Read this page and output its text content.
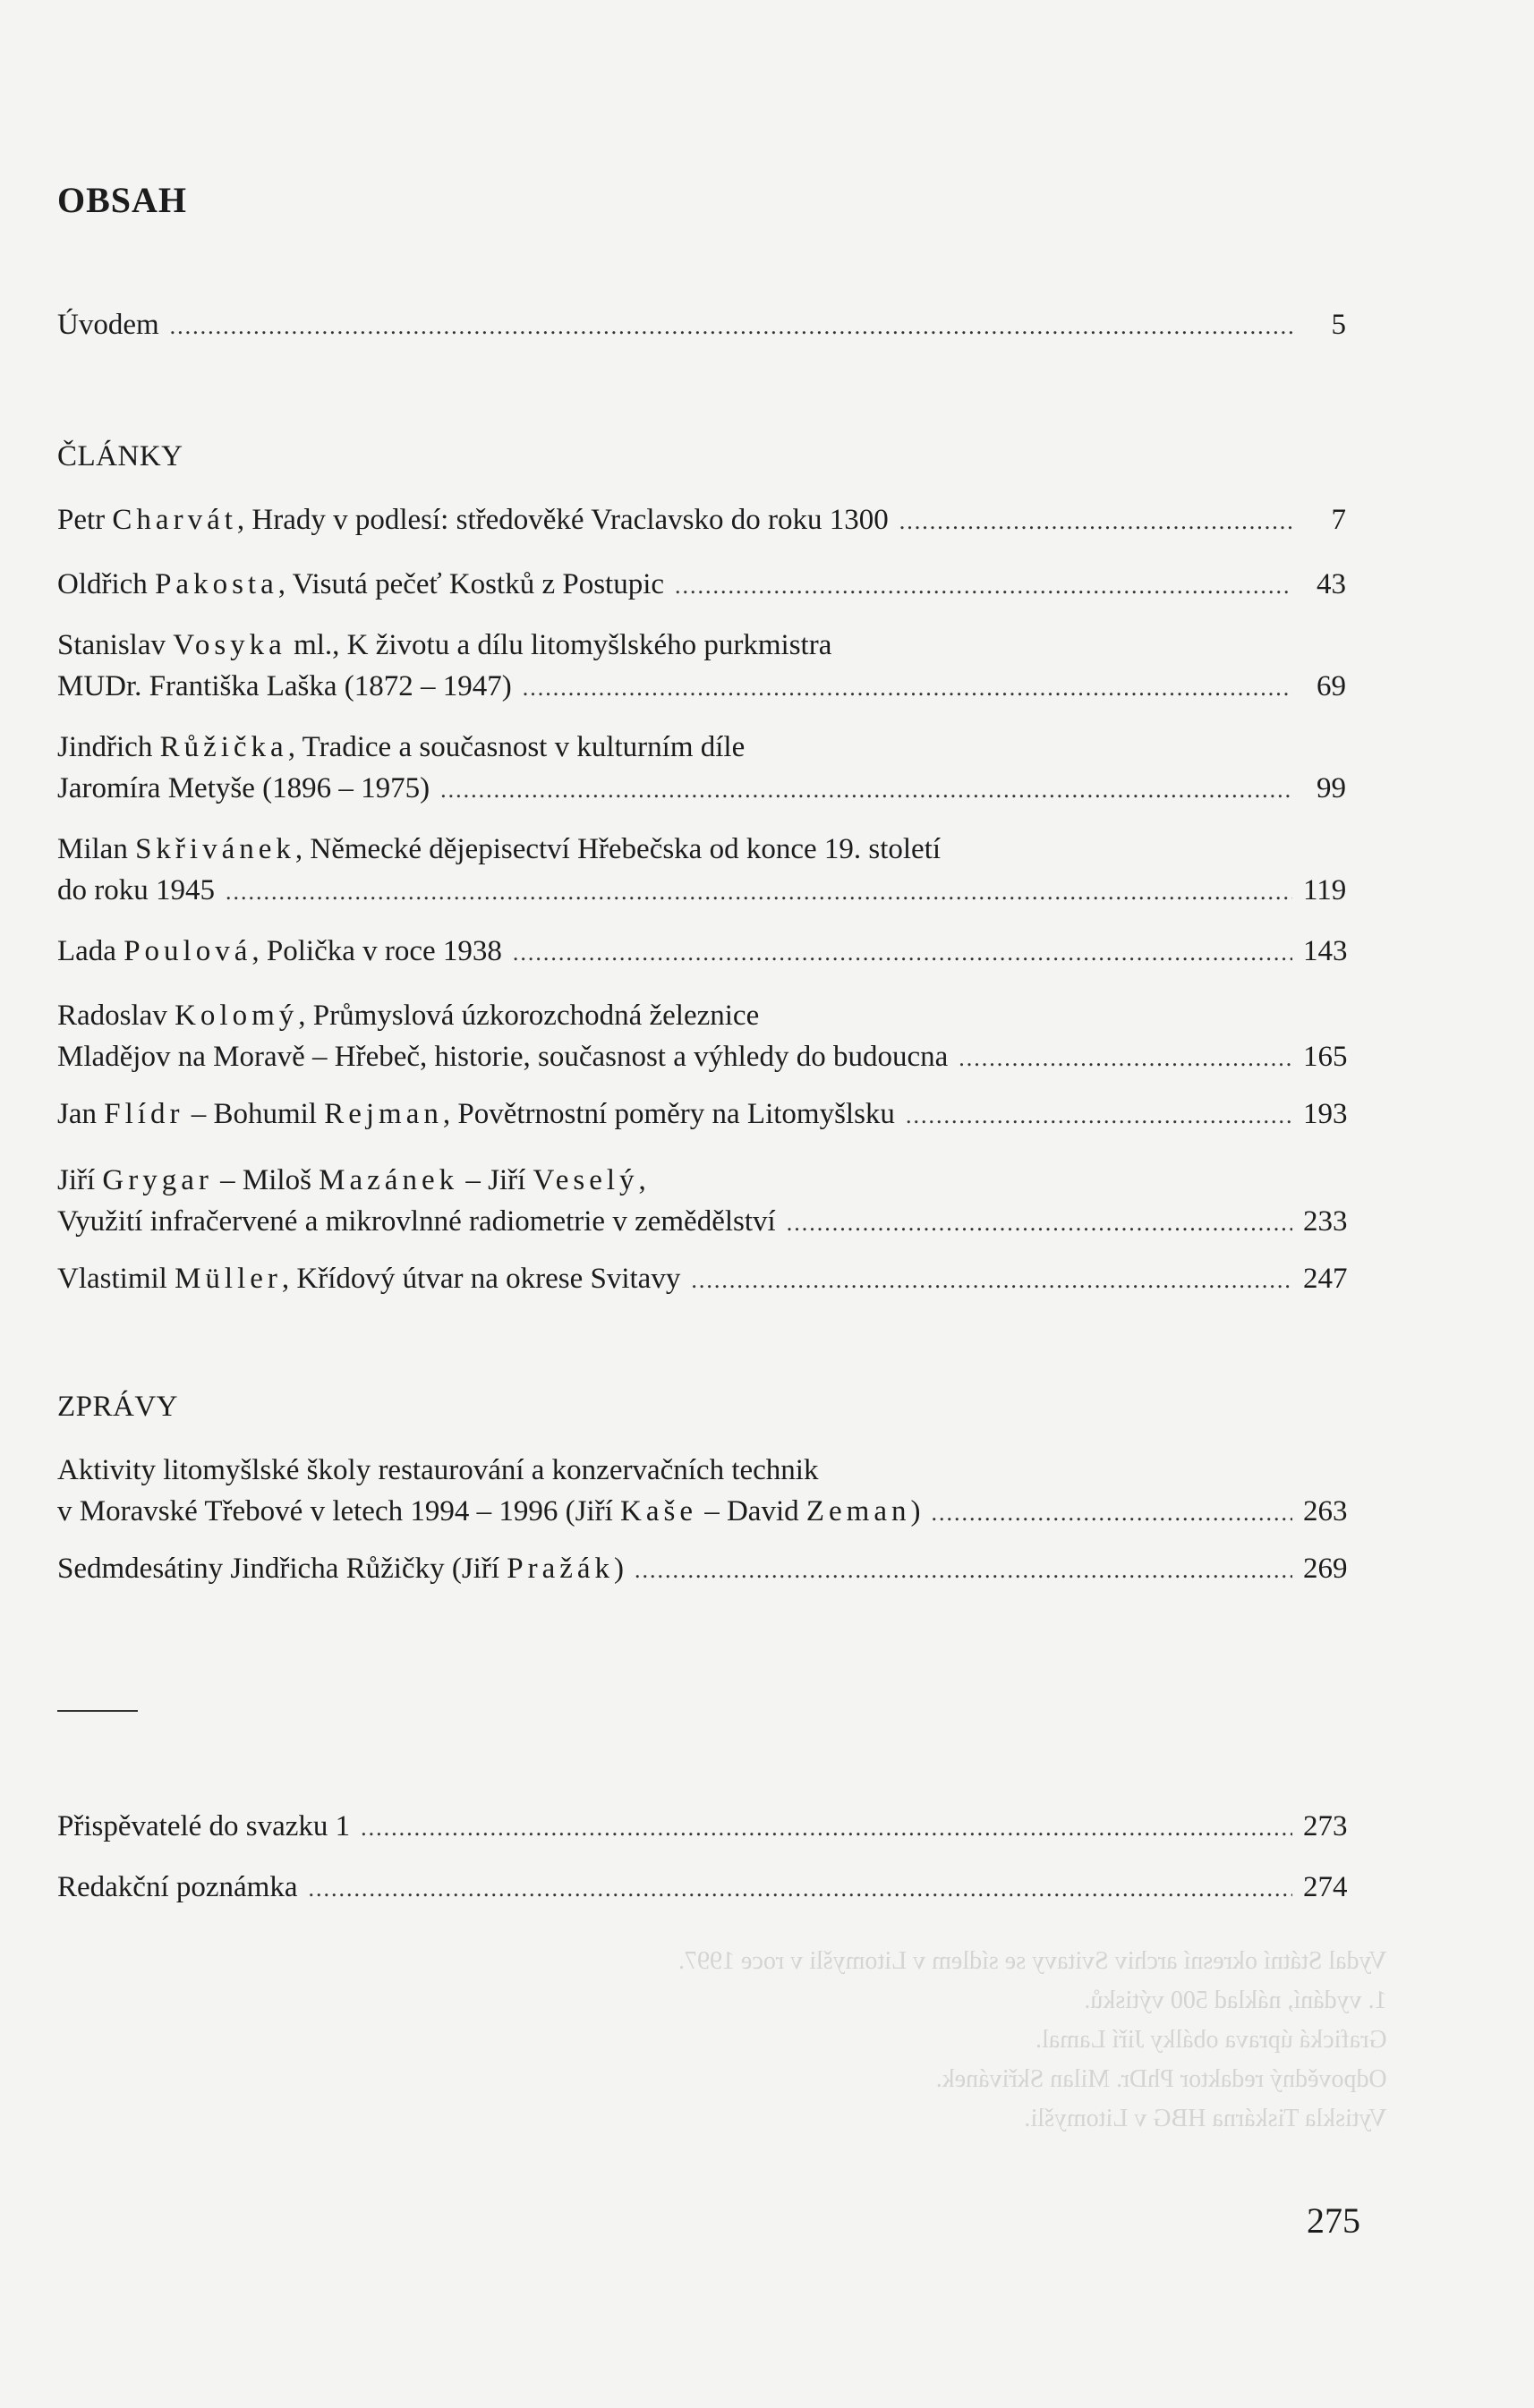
OBSAH
Úvodem .....	5
ČLÁNKY
Petr Charvát, Hrady v podlesí: středověké Vraclavsko do roku 1300 .....	7
Oldřich Pakosta, Visutá pečeť Kostků z Postupic .....	43
Stanislav Vosyka ml., K životu a dílu litomyšlského purkmistra
MUDr. Františka Laška (1872 – 1947) .....	69
Jindřich Růžička, Tradice a současnost v kulturním díle
Jaromíra Metyše (1896 – 1975) .....	99
Milan Skřivánek, Německé dějepisectví Hřebečska od konce 19. století
do roku 1945 .....	119
Lada Poulová, Polička v roce 1938 .....	143
Radoslav Kolomý, Průmyslová úzkorozchodná železnice
Mladějov na Moravě – Hřebeč, historie, současnost a výhledy do budoucna .....	165
Jan Flídr – Bohumil Rejman, Povětrnostní poměry na Litomyšlsku .....	193
Jiří Grygar – Miloš Mazánek – Jiří Veselý,
Využití infračervené a mikrovlnné radiometrie v zemědělství .....	233
Vlastimil Müller, Křídový útvar na okrese Svitavy .....	247
ZPRÁVY
Aktivity litomyšlské školy restaurování a konzervačních technik
v Moravské Třebové v letech 1994 – 1996 (Jiří Kaše – David Zeman) .....	263
Sedmdesátiny Jindřicha Růžičky (Jiří Pražák) .....	269
Přispěvatelé do svazku 1 .....	273
Redakční poznámka .....	274
Vydal Státní okresní archiv Svitavy se sídlem v Litomyšli v roce 1997.
1. vydání, náklad 500 výtisků.
Grafická úprava obálky Jiří Lamal.
Odpovědný redaktor PhDr. Milan Skřivánek.
Vytiskla Tiskárna HBG v Litomyšli.
275
